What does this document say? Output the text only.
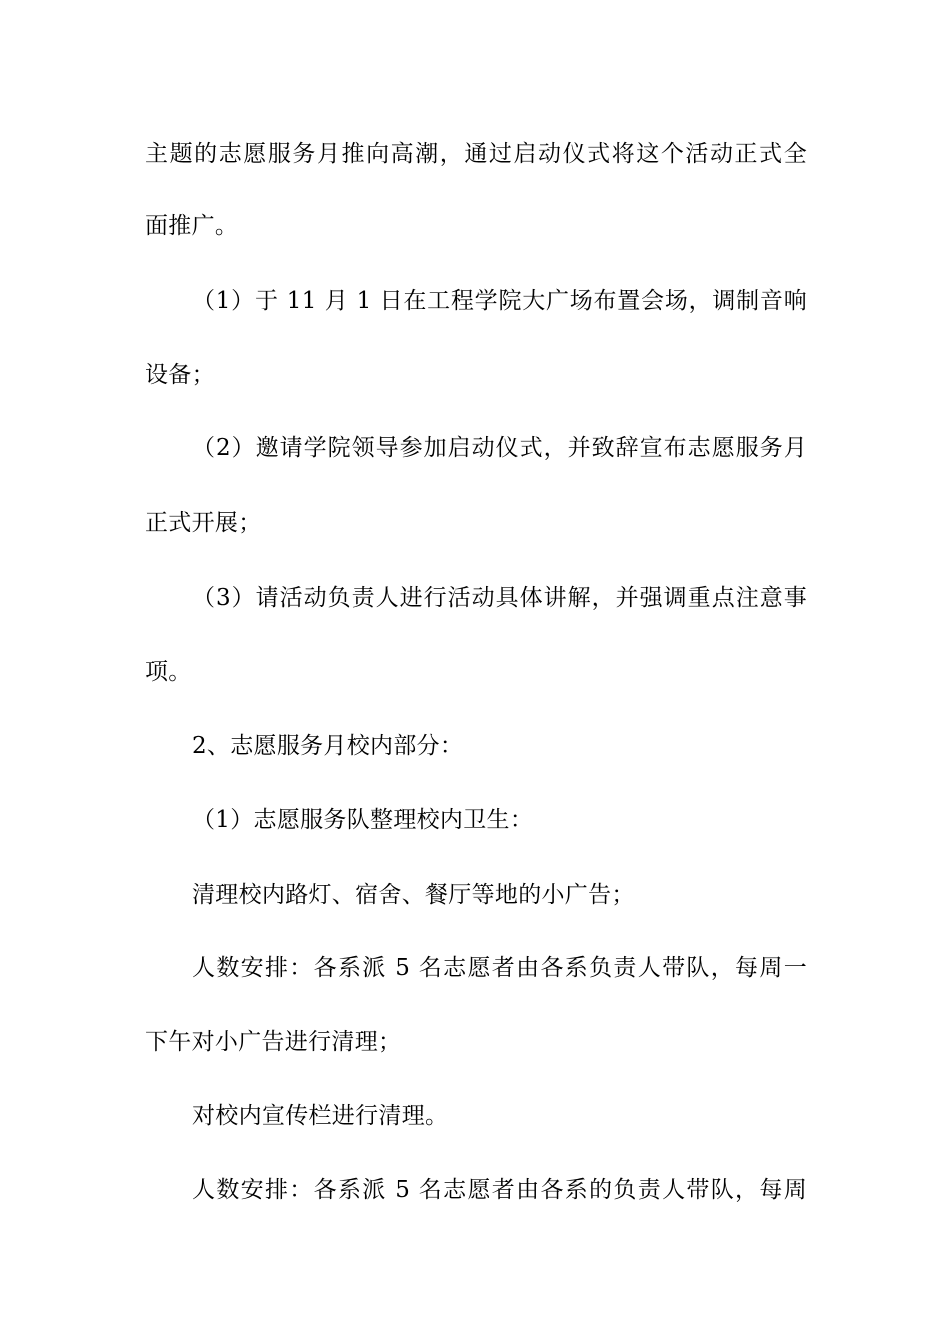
主题的志愿服务月推向高潮，通过启动仪式将这个活动正式全
面推广。
（1）于 11 月 1 日在工程学院大广场布置会场，调制音响
设备；
（2）邀请学院领导参加启动仪式，并致辞宣布志愿服务月
正式开展；
（3）请活动负责人进行活动具体讲解，并强调重点注意事
项。
2、志愿服务月校内部分：
（1）志愿服务队整理校内卫生：
清理校内路灯、宿舍、餐厅等地的小广告；
人数安排：各系派 5 名志愿者由各系负责人带队，每周一
下午对小广告进行清理；
对校内宣传栏进行清理。
人数安排：各系派 5 名志愿者由各系的负责人带队，每周
